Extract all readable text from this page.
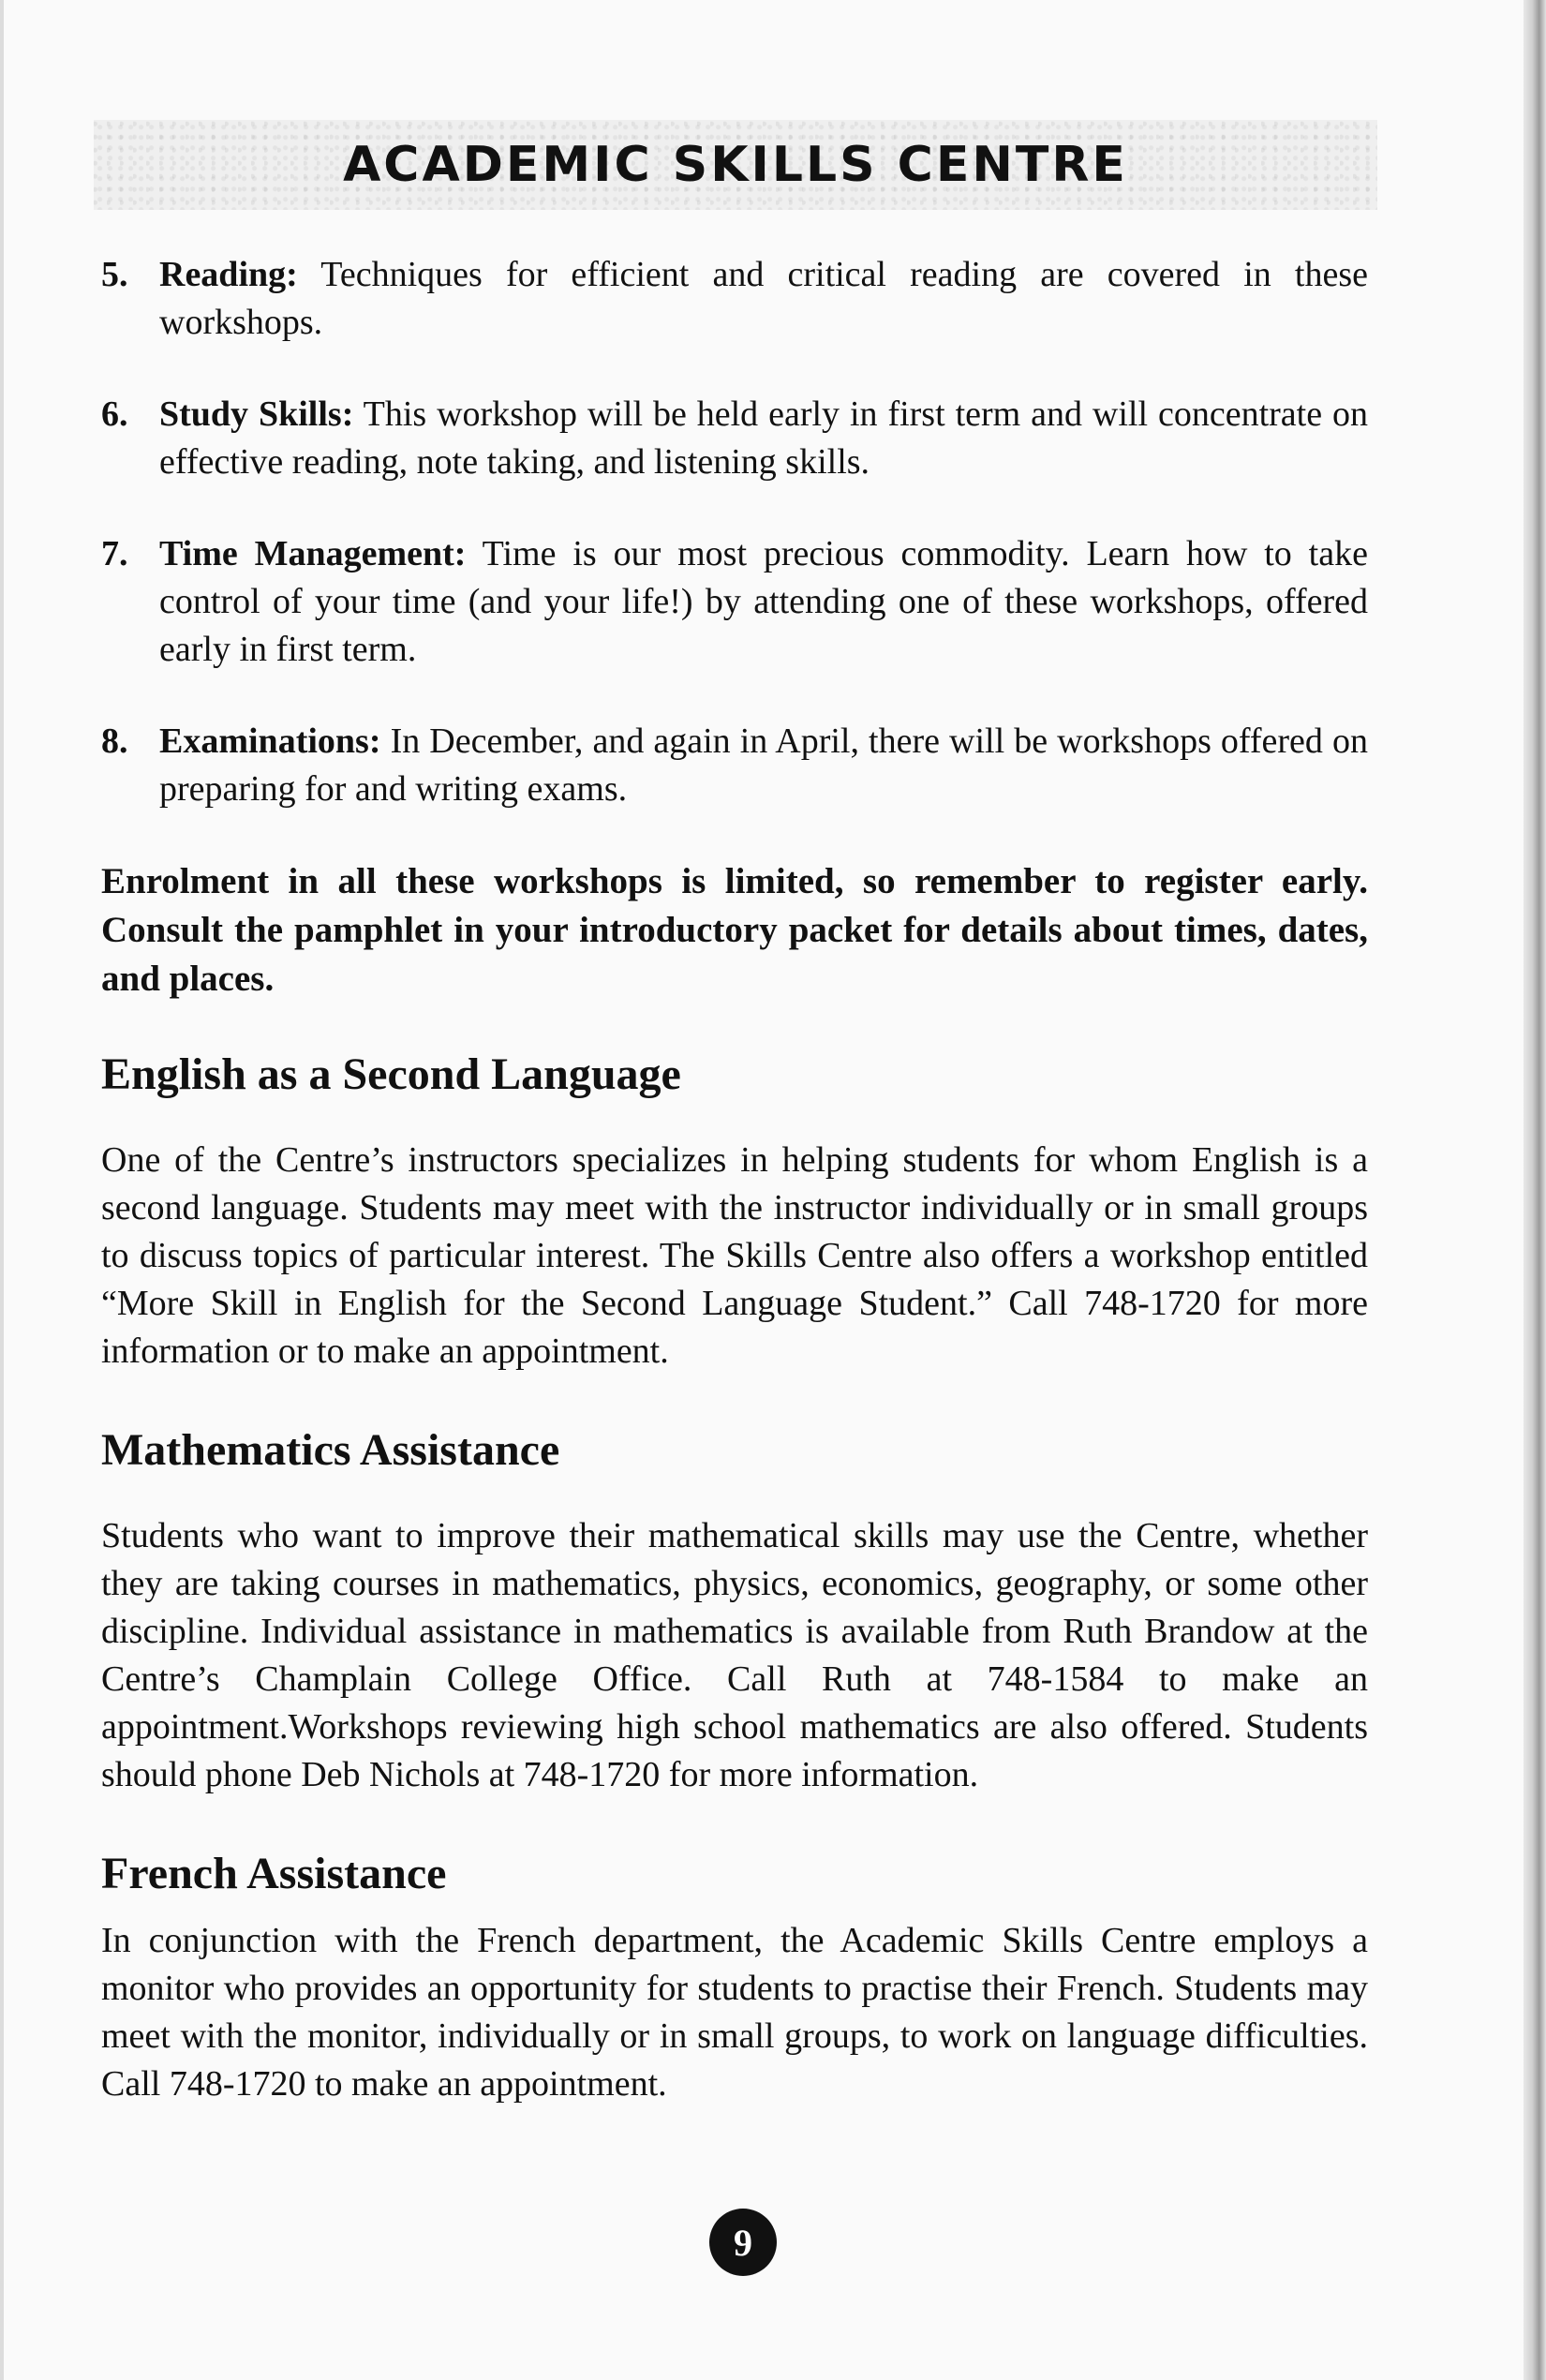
ACADEMIC SKILLS CENTRE
5. Reading: Techniques for efficient and critical reading are covered in these workshops.
6. Study Skills: This workshop will be held early in first term and will concentrate on effective reading, note taking, and listening skills.
7. Time Management: Time is our most precious commodity. Learn how to take control of your time (and your life!) by attending one of these workshops, offered early in first term.
8. Examinations: In December, and again in April, there will be workshops offered on preparing for and writing exams.

Enrolment in all these workshops is limited, so remember to register early. Consult the pamphlet in your introductory packet for details about times, dates, and places.

English as a Second Language

One of the Centre’s instructors specializes in helping students for whom English is a second language. Students may meet with the instructor individually or in small groups to discuss topics of particular interest. The Skills Centre also offers a workshop entitled “More Skill in English for the Second Language Student.” Call 748-1720 for more information or to make an appointment.

Mathematics Assistance

Students who want to improve their mathematical skills may use the Centre, whether they are taking courses in mathematics, physics, economics, geography, or some other discipline. Individual assistance in mathematics is available from Ruth Brandow at the Centre’s Champlain College Office. Call Ruth at 748-1584 to make an appointment.Workshops reviewing high school mathematics are also offered. Students should phone Deb Nichols at 748-1720 for more information.

French Assistance

In conjunction with the French department, the Academic Skills Centre employs a monitor who provides an opportunity for students to practise their French. Students may meet with the monitor, individually or in small groups, to work on language difficulties. Call 748-1720 to make an appointment.

9
